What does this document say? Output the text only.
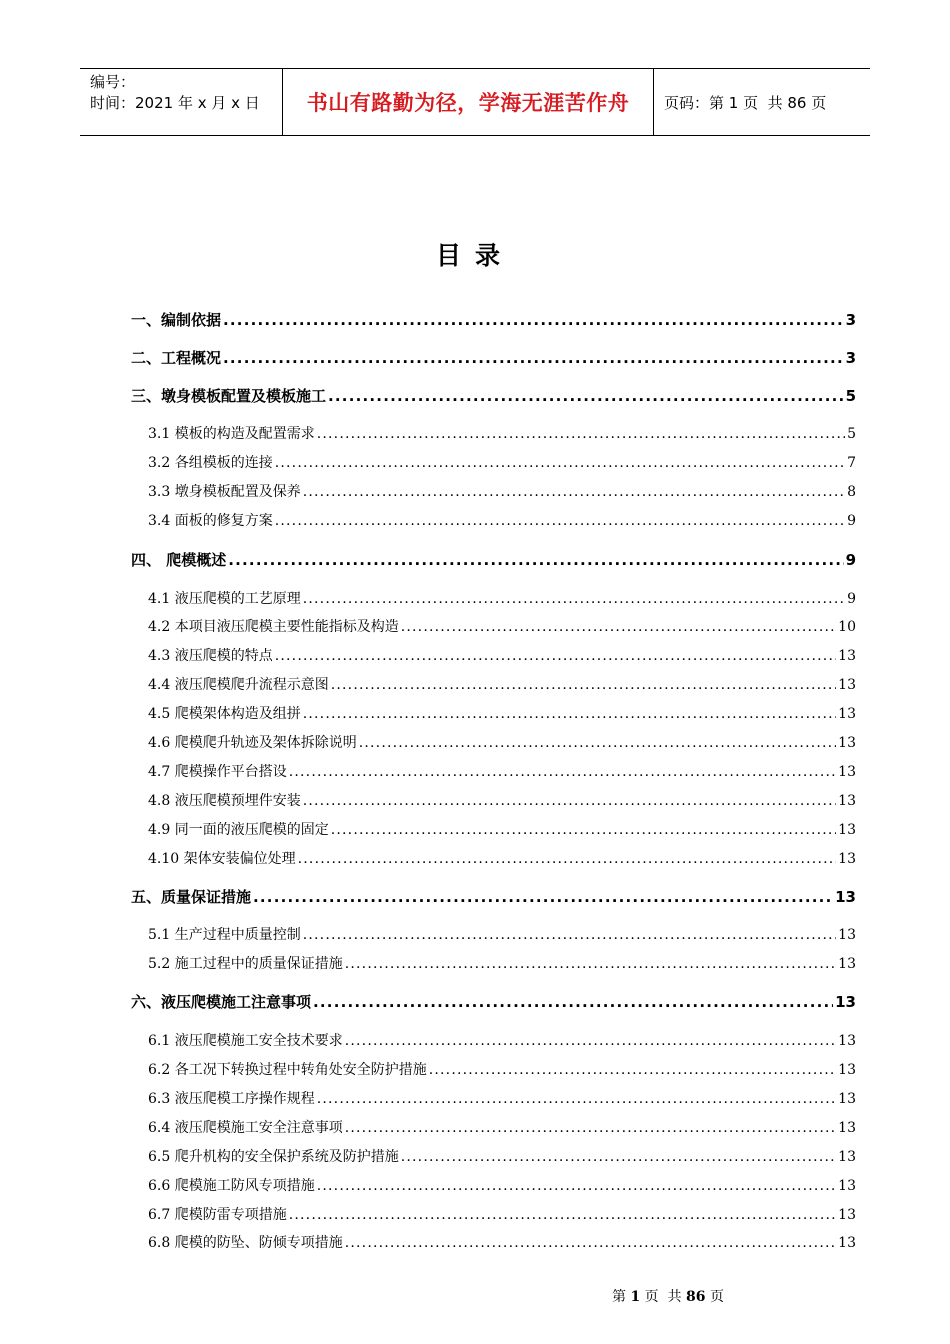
编号：
时间：2021 年 x 月 x 日	书山有路勤为径，学海无涯苦作舟	页码：第 1 页  共 86 页
目录
一、编制依据 .....	3
二、工程概况 .....	3
三、墩身模板配置及模板施工 .....	5
3.1 模板的构造及配置需求 .....	5
3.2 各组模板的连接 .....	7
3.3 墩身模板配置及保养 .....	8
3.4 面板的修复方案 .....	9
四、 爬模概述 .....	9
4.1 液压爬模的工艺原理 .....	9
4.2 本项目液压爬模主要性能指标及构造 .....	10
4.3 液压爬模的特点 .....	13
4.4 液压爬模爬升流程示意图 .....	13
4.5 爬模架体构造及组拼 .....	13
4.6 爬模爬升轨迹及架体拆除说明 .....	13
4.7 爬模操作平台搭设 .....	13
4.8 液压爬模预埋件安装 .....	13
4.9 同一面的液压爬模的固定 .....	13
4.10 架体安装偏位处理 .....	13
五、质量保证措施 .....	13
5.1 生产过程中质量控制 .....	13
5.2 施工过程中的质量保证措施 .....	13
六、液压爬模施工注意事项 .....	13
6.1 液压爬模施工安全技术要求 .....	13
6.2 各工况下转换过程中转角处安全防护措施 .....	13
6.3 液压爬模工序操作规程 .....	13
6.4 液压爬模施工安全注意事项 .....	13
6.5 爬升机构的安全保护系统及防护措施 .....	13
6.6 爬模施工防风专项措施 .....	13
6.7 爬模防雷专项措施 .....	13
6.8 爬模的防坠、防倾专项措施 .....	13
第 1 页  共 86 页
